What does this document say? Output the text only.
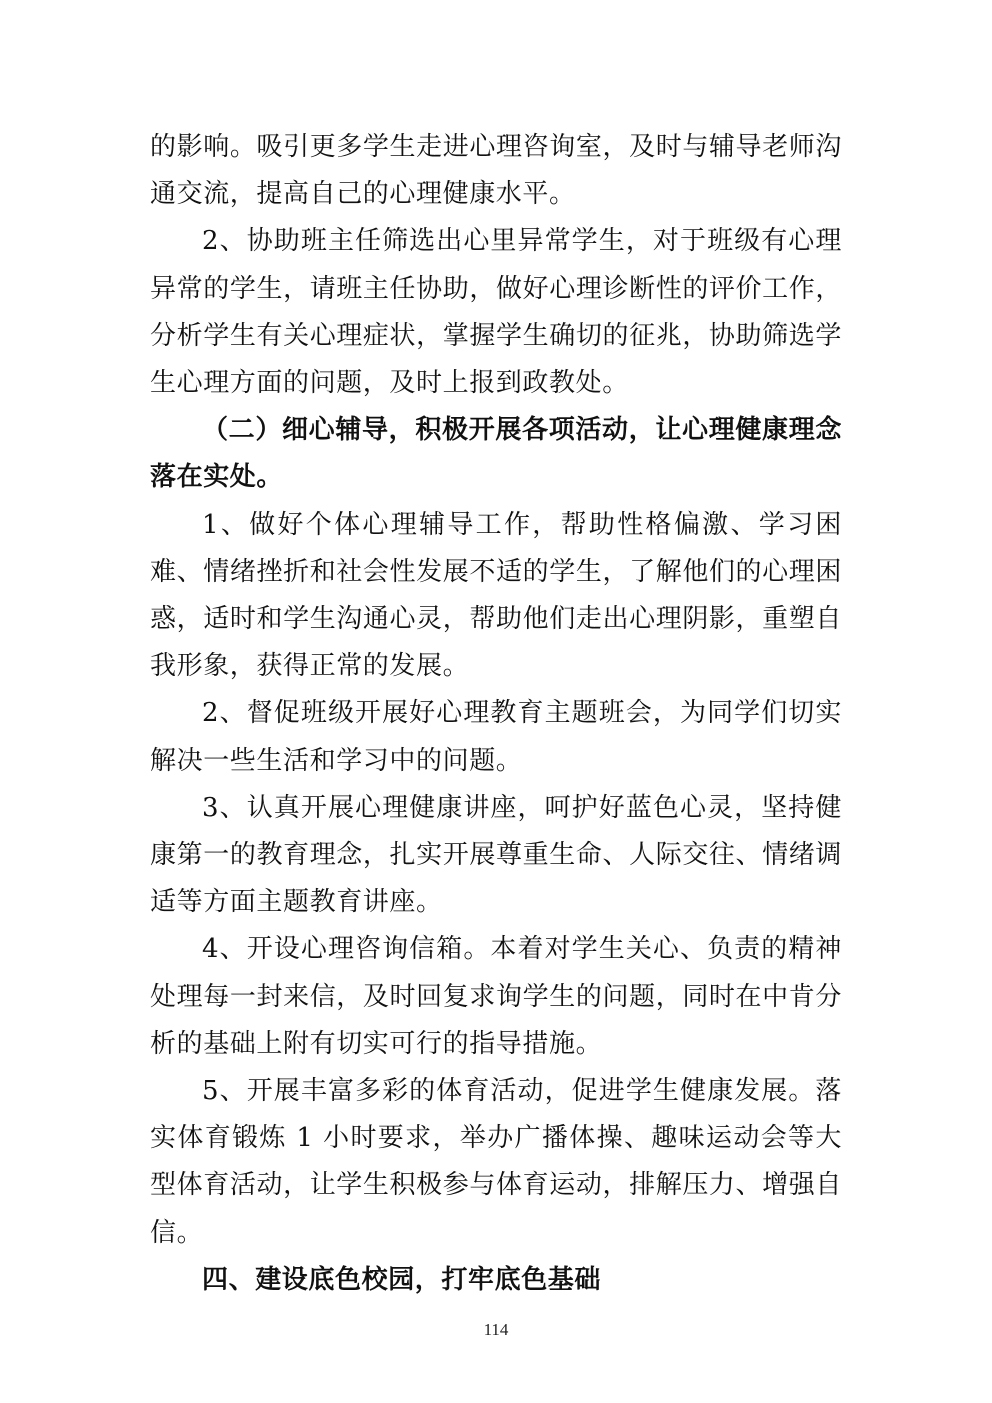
的影响。吸引更多学生走进心理咨询室，及时与辅导老师沟通交流，提高自己的心理健康水平。

2、协助班主任筛选出心里异常学生，对于班级有心理异常的学生，请班主任协助，做好心理诊断性的评价工作，分析学生有关心理症状，掌握学生确切的征兆，协助筛选学生心理方面的问题，及时上报到政教处。

（二）细心辅导，积极开展各项活动，让心理健康理念落在实处。

1、做好个体心理辅导工作，帮助性格偏激、学习困难、情绪挫折和社会性发展不适的学生，了解他们的心理困惑，适时和学生沟通心灵，帮助他们走出心理阴影，重塑自我形象，获得正常的发展。

2、督促班级开展好心理教育主题班会，为同学们切实解决一些生活和学习中的问题。

3、认真开展心理健康讲座，呵护好蓝色心灵，坚持健康第一的教育理念，扎实开展尊重生命、人际交往、情绪调适等方面主题教育讲座。

4、开设心理咨询信箱。本着对学生关心、负责的精神处理每一封来信，及时回复求询学生的问题，同时在中肯分析的基础上附有切实可行的指导措施。

5、开展丰富多彩的体育活动，促进学生健康发展。落实体育锻炼 1 小时要求，举办广播体操、趣味运动会等大型体育活动，让学生积极参与体育运动，排解压力、增强自信。

四、建设底色校园，打牢底色基础

114
